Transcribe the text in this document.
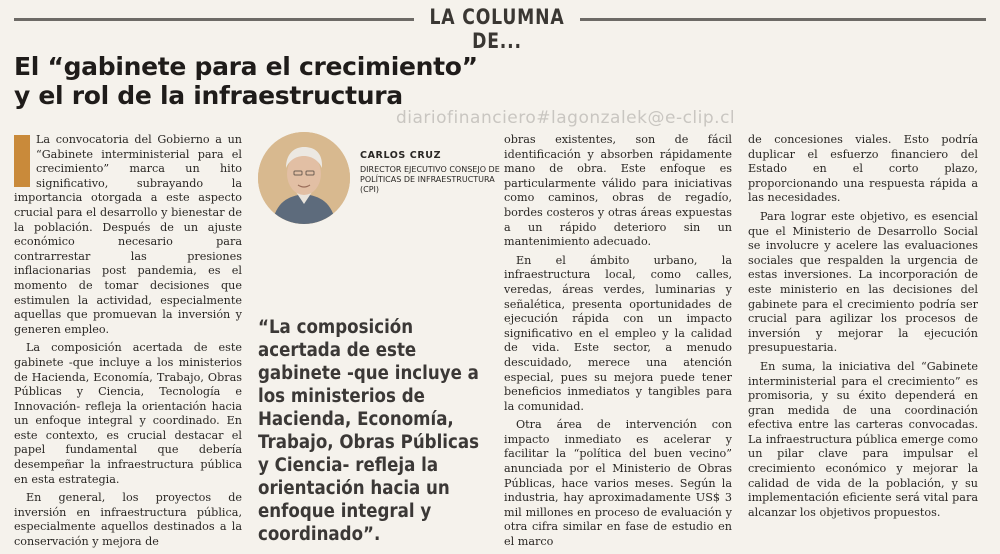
LA COLUMNA DE...
El “gabinete para el crecimiento”
y el rol de la infraestructura
diariofinanciero#lagonzalek@e-clip.cl

L	La convocatoria del Gobierno a un “Gabinete interministerial para el crecimiento” marca un hito significativo, subrayando la importancia otorgada a este aspecto crucial para el desarrollo y bienestar de la población. Después de un ajuste económico necesario para contrarrestar las presiones inflacionarias post pandemia, es el momento de tomar decisiones que estimulen la actividad, especialmente aquellas que promuevan la inversión y generen empleo.

La composición acertada de este gabinete -que incluye a los ministerios de Hacienda, Economía, Trabajo, Obras Públicas y Ciencia, Tecnología e Innovación- refleja la orientación hacia un enfoque integral y coordinado. En este contexto, es crucial destacar el papel fundamental que debería desempeñar la infraestructura pública en esta estrategia.

En general, los proyectos de inversión en infraestructura pública, especialmente aquellos destinados a la conservación y mejora de

CARLOS CRUZ
DIRECTOR EJECUTIVO CONSEJO DE POLÍTICAS DE INFRAESTRUCTURA (CPI)
“La composición acertada de este gabinete -que incluye a los ministerios de Hacienda, Economía, Trabajo, Obras Públicas y Ciencia- refleja la orientación hacia un enfoque integral y coordinado”.

obras existentes, son de fácil identificación y absorben rápidamente mano de obra. Este enfoque es particularmente válido para iniciativas como caminos, obras de regadío, bordes costeros y otras áreas expuestas a un rápido deterioro sin un mantenimiento adecuado.

En el ámbito urbano, la infraestructura local, como calles, veredas, áreas verdes, luminarias y señalética, presenta oportunidades de ejecución rápida con un impacto significativo en el empleo y la calidad de vida. Este sector, a menudo descuidado, merece una atención especial, pues su mejora puede tener beneficios inmediatos y tangibles para la comunidad.

Otra área de intervención con impacto inmediato es acelerar y facilitar la “política del buen vecino” anunciada por el Ministerio de Obras Públicas, hace varios meses. Según la industria, hay aproximadamente US$ 3 mil millones en proceso de evaluación y otra cifra similar en fase de estudio en el marco

de concesiones viales. Esto podría duplicar el esfuerzo financiero del Estado en el corto plazo, proporcionando una respuesta rápida a las necesidades.

Para lograr este objetivo, es esencial que el Ministerio de Desarrollo Social se involucre y acelere las evaluaciones sociales que respalden la urgencia de estas inversiones. La incorporación de este ministerio en las decisiones del gabinete para el crecimiento podría ser crucial para agilizar los procesos de inversión y mejorar la ejecución presupuestaria.

En suma, la iniciativa del “Gabinete interministerial para el crecimiento” es promisoria, y su éxito dependerá en gran medida de una coordinación efectiva entre las carteras convocadas. La infraestructura pública emerge como un pilar clave para impulsar el crecimiento económico y mejorar la calidad de vida de la población, y su implementación eficiente será vital para alcanzar los objetivos propuestos.
